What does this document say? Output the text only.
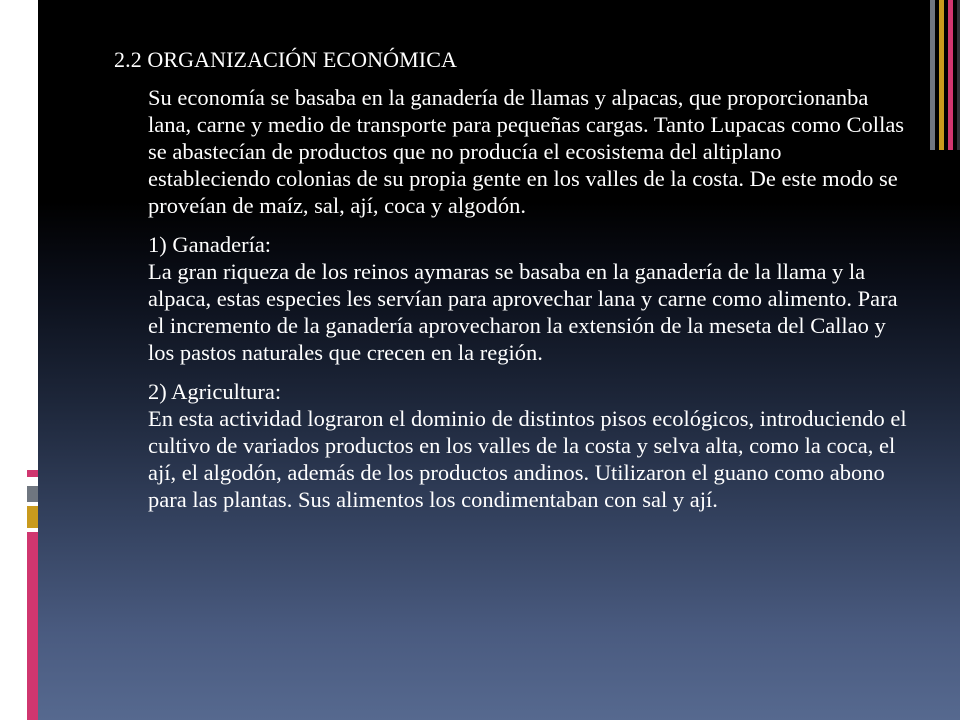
2.2 ORGANIZACIÓN ECONÓMICA
Su economía se basaba en la ganadería de llamas y alpacas, que proporcionanba lana, carne y medio de transporte para pequeñas cargas. Tanto Lupacas como Collas se abastecían de productos que no producía el ecosistema del altiplano estableciendo colonias de su propia gente en los valles de la costa. De este modo se proveían de maíz, sal, ají, coca y algodón.
1) Ganadería:
La gran riqueza de los reinos aymaras se basaba en la ganadería de la llama y la alpaca, estas especies les servían para aprovechar lana y carne como alimento. Para el incremento de la ganadería aprovecharon la extensión de la meseta del Callao y los pastos naturales que crecen en la región.
2) Agricultura:
En esta actividad lograron el dominio de distintos pisos ecológicos, introduciendo el cultivo de variados productos en los valles de la costa y selva alta, como la coca, el ají, el algodón, además de los productos andinos. Utilizaron el guano como abono para las plantas. Sus alimentos los condimentaban con sal y ají.
